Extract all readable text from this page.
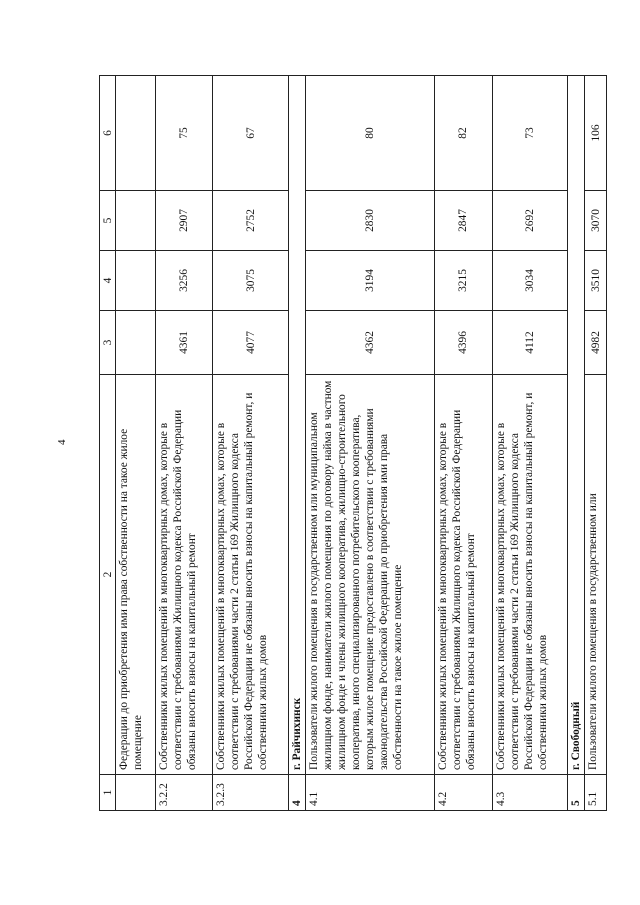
4
1	2	3	4	5	6
	Федерации до приобретения ими права собственности на такое жилое помещение				
3.2.2	Собственники жилых помещений в многоквартирных домах, которые в соответствии с требованиями Жилищного кодекса Российской Федерации обязаны вносить взносы на капитальный ремонт	4361	3256	2907	75
3.2.3	Собственники жилых помещений в многоквартирных домах, которые в соответствии с требованиями части 2 статьи 169 Жилищного кодекса Российской Федерации не обязаны вносить взносы на капитальный ремонт, и собственники жилых домов	4077	3075	2752	67
4	г. Райчихинск				
4.1	Пользователи жилого помещения в государственном или муниципальном жилищном фонде, наниматели жилого помещения по договору найма в частном жилищном фонде и члены жилищного кооператива, жилищно-строительного кооператива, иного специализированного потребительского кооператива, которым жилое помещение предоставлено в соответствии с требованиями законодательства Российской Федерации до приобретения ими права собственности на такое жилое помещение	4362	3194	2830	80
4.2	Собственники жилых помещений в многоквартирных домах, которые в соответствии с требованиями Жилищного кодекса Российской Федерации обязаны вносить взносы на капитальный ремонт	4396	3215	2847	82
4.3	Собственники жилых помещений в многоквартирных домах, которые в соответствии с требованиями части 2 статьи 169 Жилищного кодекса Российской Федерации не обязаны вносить взносы на капитальный ремонт, и собственники жилых домов	4112	3034	2692	73
5	г. Свободный				
5.1	Пользователи жилого помещения в государственном или	4982	3510	3070	106
